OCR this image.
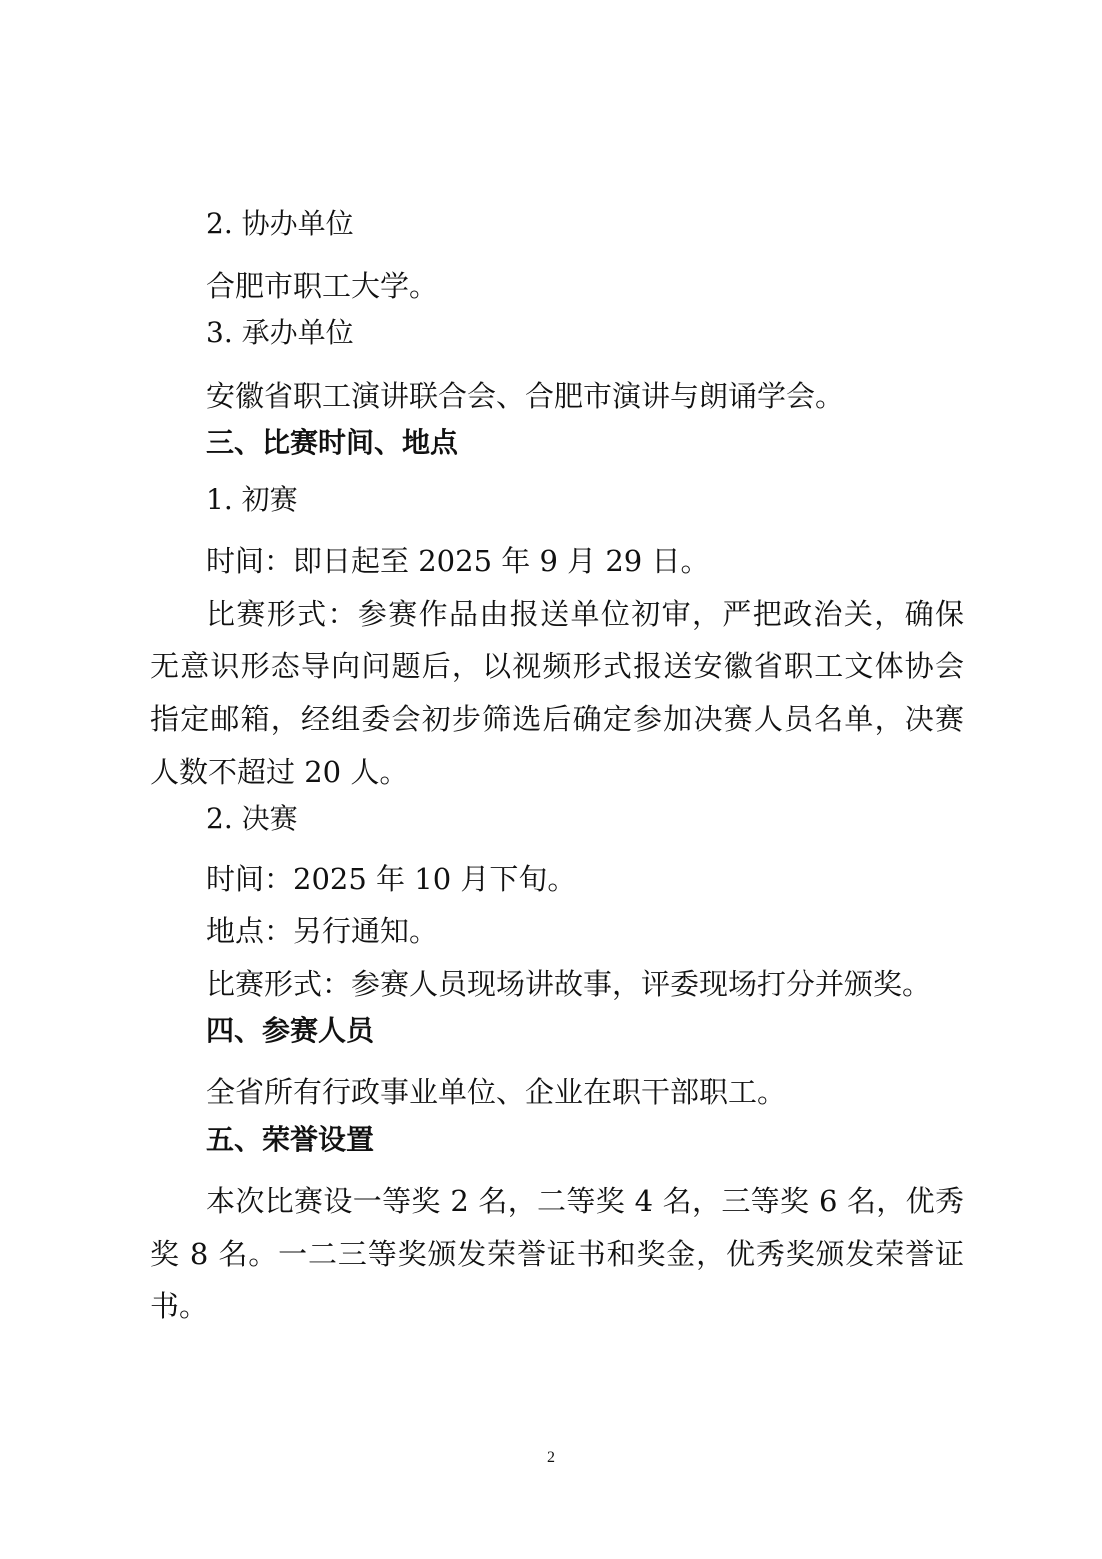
2. 协办单位
合肥市职工大学。
3. 承办单位
安徽省职工演讲联合会、合肥市演讲与朗诵学会。
三、比赛时间、地点
1. 初赛
时间：即日起至 2025 年 9 月 29 日。
比赛形式：参赛作品由报送单位初审，严把政治关，确保
无意识形态导向问题后，以视频形式报送安徽省职工文体协会
指定邮箱，经组委会初步筛选后确定参加决赛人员名单，决赛
人数不超过 20 人。
2. 决赛
时间：2025 年 10 月下旬。
地点：另行通知。
比赛形式：参赛人员现场讲故事，评委现场打分并颁奖。
四、参赛人员
全省所有行政事业单位、企业在职干部职工。
五、荣誉设置
本次比赛设一等奖 2 名，二等奖 4 名，三等奖 6 名，优秀
奖 8 名。一二三等奖颁发荣誉证书和奖金，优秀奖颁发荣誉证
书。
2
